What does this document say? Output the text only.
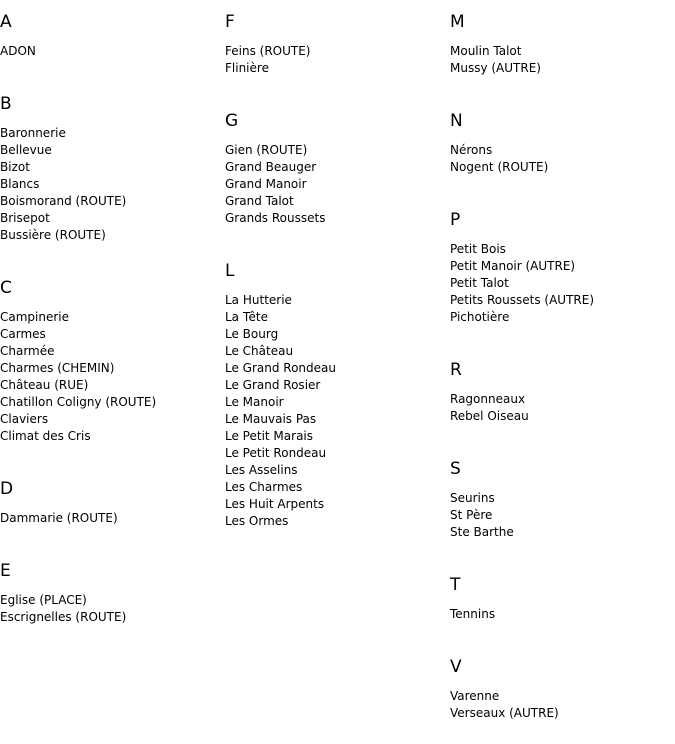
A
ADON
B
Baronnerie
Bellevue
Bizot
Blancs
Boismorand (ROUTE)
Brisepot
Bussière (ROUTE)
C
Campinerie
Carmes
Charmée
Charmes (CHEMIN)
Château (RUE)
Chatillon Coligny (ROUTE)
Claviers
Climat des Cris
D
Dammarie (ROUTE)
E
Eglise (PLACE)
Escrignelles (ROUTE)
F
Feins (ROUTE)
Flinière
G
Gien (ROUTE)
Grand Beauger
Grand Manoir
Grand Talot
Grands Roussets
L
La Hutterie
La Tête
Le Bourg
Le Château
Le Grand Rondeau
Le Grand Rosier
Le Manoir
Le Mauvais Pas
Le Petit Marais
Le Petit Rondeau
Les Asselins
Les Charmes
Les Huit Arpents
Les Ormes
M
Moulin Talot
Mussy (AUTRE)
N
Nérons
Nogent (ROUTE)
P
Petit Bois
Petit Manoir (AUTRE)
Petit Talot
Petits Roussets (AUTRE)
Pichotière
R
Ragonneaux
Rebel Oiseau
S
Seurins
St Père
Ste Barthe
T
Tennins
V
Varenne
Verseaux (AUTRE)
